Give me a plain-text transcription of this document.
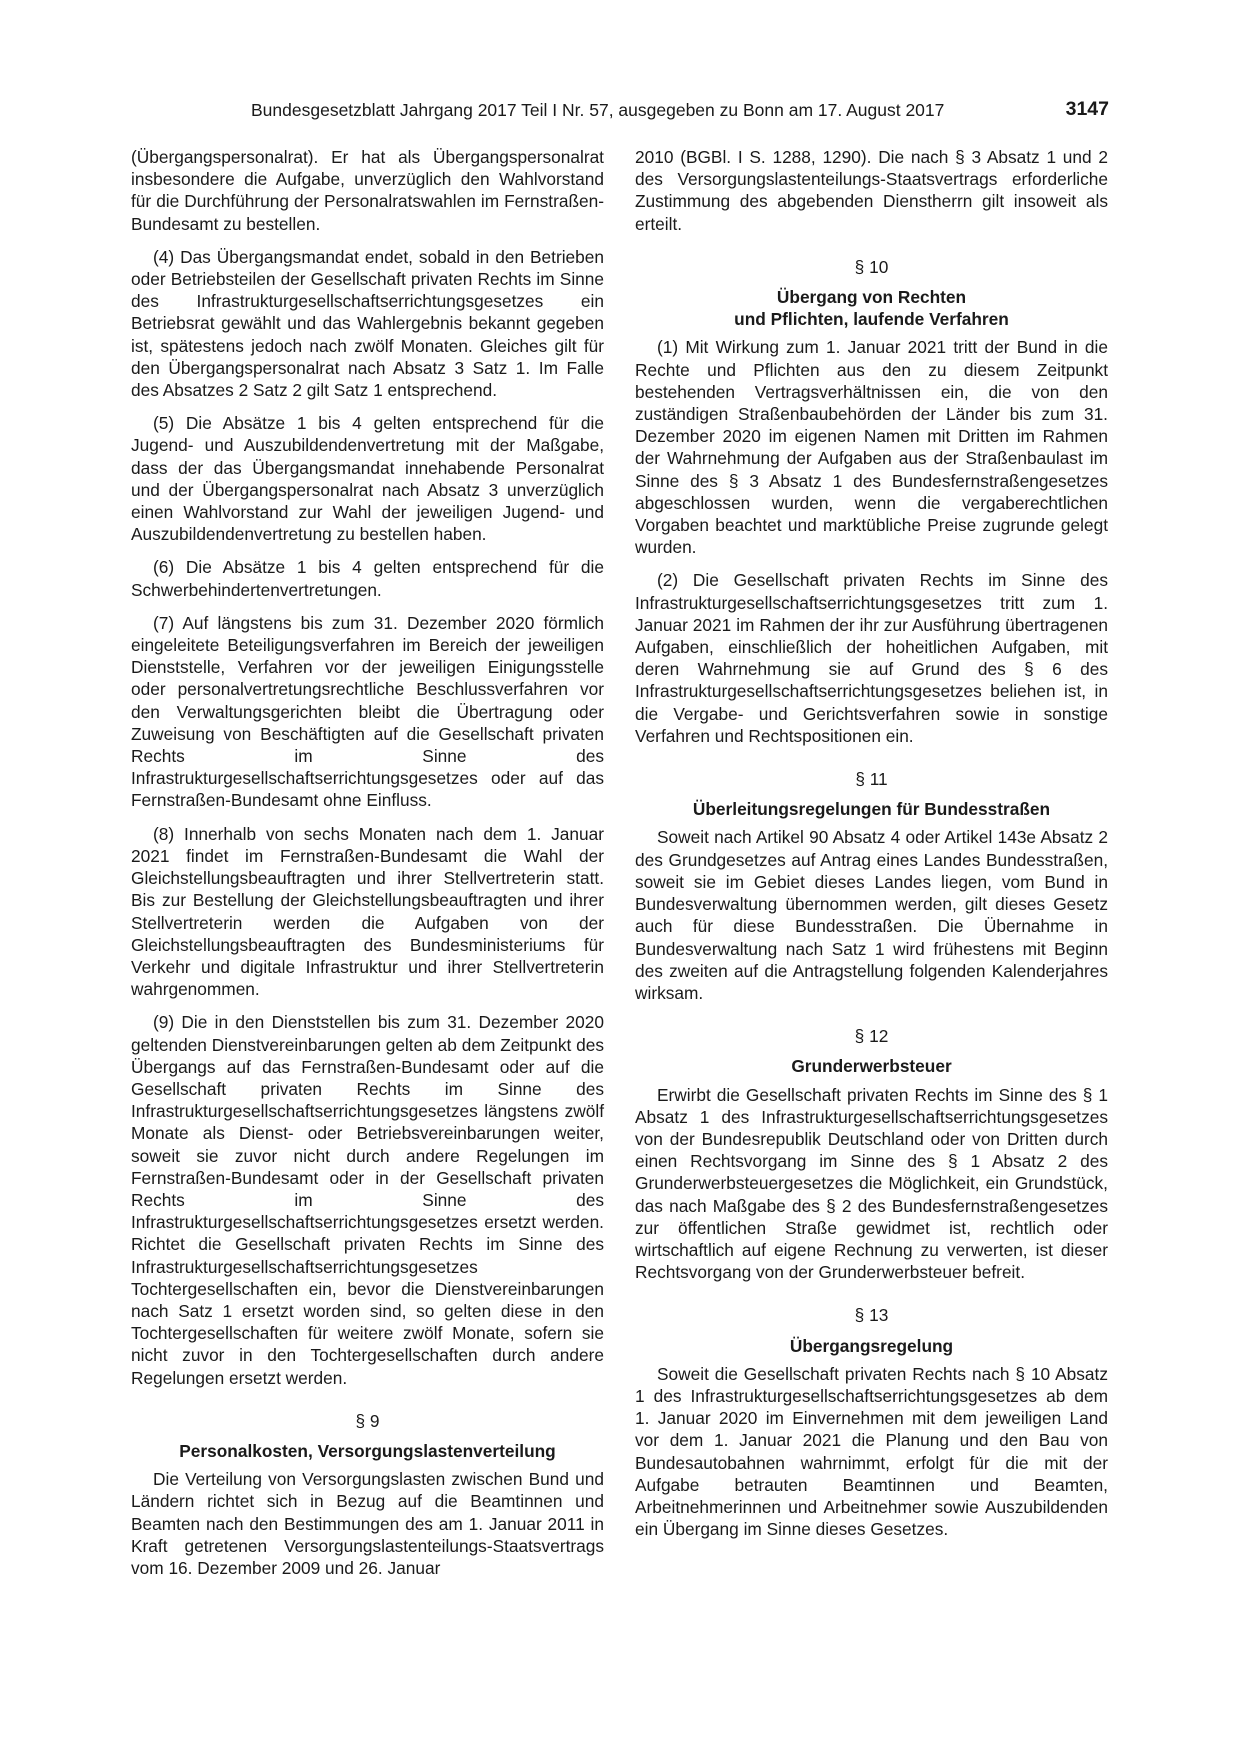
Bundesgesetzblatt Jahrgang 2017 Teil I Nr. 57, ausgegeben zu Bonn am 17. August 2017	3147

(Übergangspersonalrat). Er hat als Übergangspersonalrat insbesondere die Aufgabe, unverzüglich den Wahlvorstand für die Durchführung der Personalratswahlen im Fernstraßen-Bundesamt zu bestellen.

(4) Das Übergangsmandat endet, sobald in den Betrieben oder Betriebsteilen der Gesellschaft privaten Rechts im Sinne des Infrastrukturgesellschaftserrichtungsgesetzes ein Betriebsrat gewählt und das Wahlergebnis bekannt gegeben ist, spätestens jedoch nach zwölf Monaten. Gleiches gilt für den Übergangspersonalrat nach Absatz 3 Satz 1. Im Falle des Absatzes 2 Satz 2 gilt Satz 1 entsprechend.

(5) Die Absätze 1 bis 4 gelten entsprechend für die Jugend- und Auszubildendenvertretung mit der Maßgabe, dass der das Übergangsmandat innehabende Personalrat und der Übergangspersonalrat nach Absatz 3 unverzüglich einen Wahlvorstand zur Wahl der jeweiligen Jugend- und Auszubildendenvertretung zu bestellen haben.

(6) Die Absätze 1 bis 4 gelten entsprechend für die Schwerbehindertenvertretungen.

(7) Auf längstens bis zum 31. Dezember 2020 förmlich eingeleitete Beteiligungsverfahren im Bereich der jeweiligen Dienststelle, Verfahren vor der jeweiligen Einigungsstelle oder personalvertretungsrechtliche Beschlussverfahren vor den Verwaltungsgerichten bleibt die Übertragung oder Zuweisung von Beschäftigten auf die Gesellschaft privaten Rechts im Sinne des Infrastrukturgesellschaftserrichtungsgesetzes oder auf das Fernstraßen-Bundesamt ohne Einfluss.

(8) Innerhalb von sechs Monaten nach dem 1. Januar 2021 findet im Fernstraßen-Bundesamt die Wahl der Gleichstellungsbeauftragten und ihrer Stellvertreterin statt. Bis zur Bestellung der Gleichstellungsbeauftragten und ihrer Stellvertreterin werden die Aufgaben von der Gleichstellungsbeauftragten des Bundesministeriums für Verkehr und digitale Infrastruktur und ihrer Stellvertreterin wahrgenommen.

(9) Die in den Dienststellen bis zum 31. Dezember 2020 geltenden Dienstvereinbarungen gelten ab dem Zeitpunkt des Übergangs auf das Fernstraßen-Bundesamt oder auf die Gesellschaft privaten Rechts im Sinne des Infrastrukturgesellschaftserrichtungsgesetzes längstens zwölf Monate als Dienst- oder Betriebsvereinbarungen weiter, soweit sie zuvor nicht durch andere Regelungen im Fernstraßen-Bundesamt oder in der Gesellschaft privaten Rechts im Sinne des Infrastrukturgesellschaftserrichtungsgesetzes ersetzt werden. Richtet die Gesellschaft privaten Rechts im Sinne des Infrastrukturgesellschaftserrichtungsgesetzes Tochtergesellschaften ein, bevor die Dienstvereinbarungen nach Satz 1 ersetzt worden sind, so gelten diese in den Tochtergesellschaften für weitere zwölf Monate, sofern sie nicht zuvor in den Tochtergesellschaften durch andere Regelungen ersetzt werden.

§ 9
Personalkosten, Versorgungslastenverteilung

Die Verteilung von Versorgungslasten zwischen Bund und Ländern richtet sich in Bezug auf die Beamtinnen und Beamten nach den Bestimmungen des am 1. Januar 2011 in Kraft getretenen Versorgungslastenteilungs-Staatsvertrags vom 16. Dezember 2009 und 26. Januar

2010 (BGBl. I S. 1288, 1290). Die nach § 3 Absatz 1 und 2 des Versorgungslastenteilungs-Staatsvertrags erforderliche Zustimmung des abgebenden Dienstherrn gilt insoweit als erteilt.

§ 10
Übergang von Rechten
und Pflichten, laufende Verfahren

(1) Mit Wirkung zum 1. Januar 2021 tritt der Bund in die Rechte und Pflichten aus den zu diesem Zeitpunkt bestehenden Vertragsverhältnissen ein, die von den zuständigen Straßenbaubehörden der Länder bis zum 31. Dezember 2020 im eigenen Namen mit Dritten im Rahmen der Wahrnehmung der Aufgaben aus der Straßenbaulast im Sinne des § 3 Absatz 1 des Bundesfernstraßengesetzes abgeschlossen wurden, wenn die vergaberechtlichen Vorgaben beachtet und marktübliche Preise zugrunde gelegt wurden.

(2) Die Gesellschaft privaten Rechts im Sinne des Infrastrukturgesellschaftserrichtungsgesetzes tritt zum 1. Januar 2021 im Rahmen der ihr zur Ausführung übertragenen Aufgaben, einschließlich der hoheitlichen Aufgaben, mit deren Wahrnehmung sie auf Grund des § 6 des Infrastrukturgesellschaftserrichtungsgesetzes beliehen ist, in die Vergabe- und Gerichtsverfahren sowie in sonstige Verfahren und Rechtspositionen ein.

§ 11
Überleitungsregelungen für Bundesstraßen

Soweit nach Artikel 90 Absatz 4 oder Artikel 143e Absatz 2 des Grundgesetzes auf Antrag eines Landes Bundesstraßen, soweit sie im Gebiet dieses Landes liegen, vom Bund in Bundesverwaltung übernommen werden, gilt dieses Gesetz auch für diese Bundesstraßen. Die Übernahme in Bundesverwaltung nach Satz 1 wird frühestens mit Beginn des zweiten auf die Antragstellung folgenden Kalenderjahres wirksam.

§ 12
Grunderwerbsteuer

Erwirbt die Gesellschaft privaten Rechts im Sinne des § 1 Absatz 1 des Infrastrukturgesellschaftserrichtungsgesetzes von der Bundesrepublik Deutschland oder von Dritten durch einen Rechtsvorgang im Sinne des § 1 Absatz 2 des Grunderwerbsteuergesetzes die Möglichkeit, ein Grundstück, das nach Maßgabe des § 2 des Bundesfernstraßengesetzes zur öffentlichen Straße gewidmet ist, rechtlich oder wirtschaftlich auf eigene Rechnung zu verwerten, ist dieser Rechtsvorgang von der Grunderwerbsteuer befreit.

§ 13
Übergangsregelung

Soweit die Gesellschaft privaten Rechts nach § 10 Absatz 1 des Infrastrukturgesellschaftserrichtungsgesetzes ab dem 1. Januar 2020 im Einvernehmen mit dem jeweiligen Land vor dem 1. Januar 2021 die Planung und den Bau von Bundesautobahnen wahrnimmt, erfolgt für die mit der Aufgabe betrauten Beamtinnen und Beamten, Arbeitnehmerinnen und Arbeitnehmer sowie Auszubildenden ein Übergang im Sinne dieses Gesetzes.
